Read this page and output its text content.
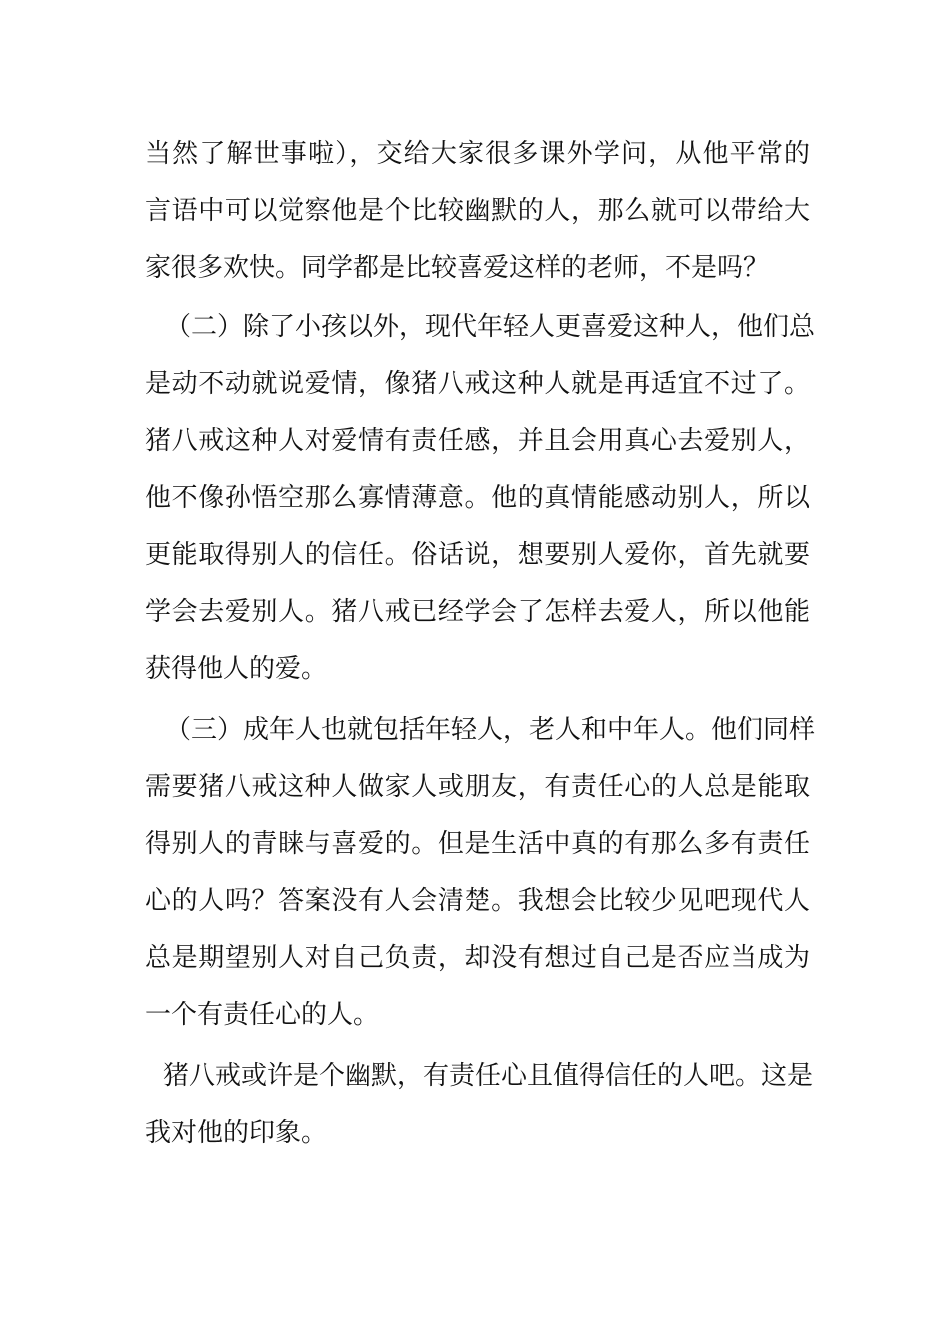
当然了解世事啦），交给大家很多课外学问，从他平常的
言语中可以觉察他是个比较幽默的人，那么就可以带给大
家很多欢快。同学都是比较喜爱这样的老师，不是吗？
（二）除了小孩以外，现代年轻人更喜爱这种人，他们总
是动不动就说爱情，像猪八戒这种人就是再适宜不过了。
猪八戒这种人对爱情有责任感，并且会用真心去爱别人，
他不像孙悟空那么寡情薄意。他的真情能感动别人，所以
更能取得别人的信任。俗话说，想要别人爱你，首先就要
学会去爱别人。猪八戒已经学会了怎样去爱人，所以他能
获得他人的爱。
（三）成年人也就包括年轻人，老人和中年人。他们同样
需要猪八戒这种人做家人或朋友，有责任心的人总是能取
得别人的青睐与喜爱的。但是生活中真的有那么多有责任
心的人吗？答案没有人会清楚。我想会比较少见吧现代人
总是期望别人对自己负责，却没有想过自己是否应当成为
一个有责任心的人。
猪八戒或许是个幽默，有责任心且值得信任的人吧。这是
我对他的印象。
